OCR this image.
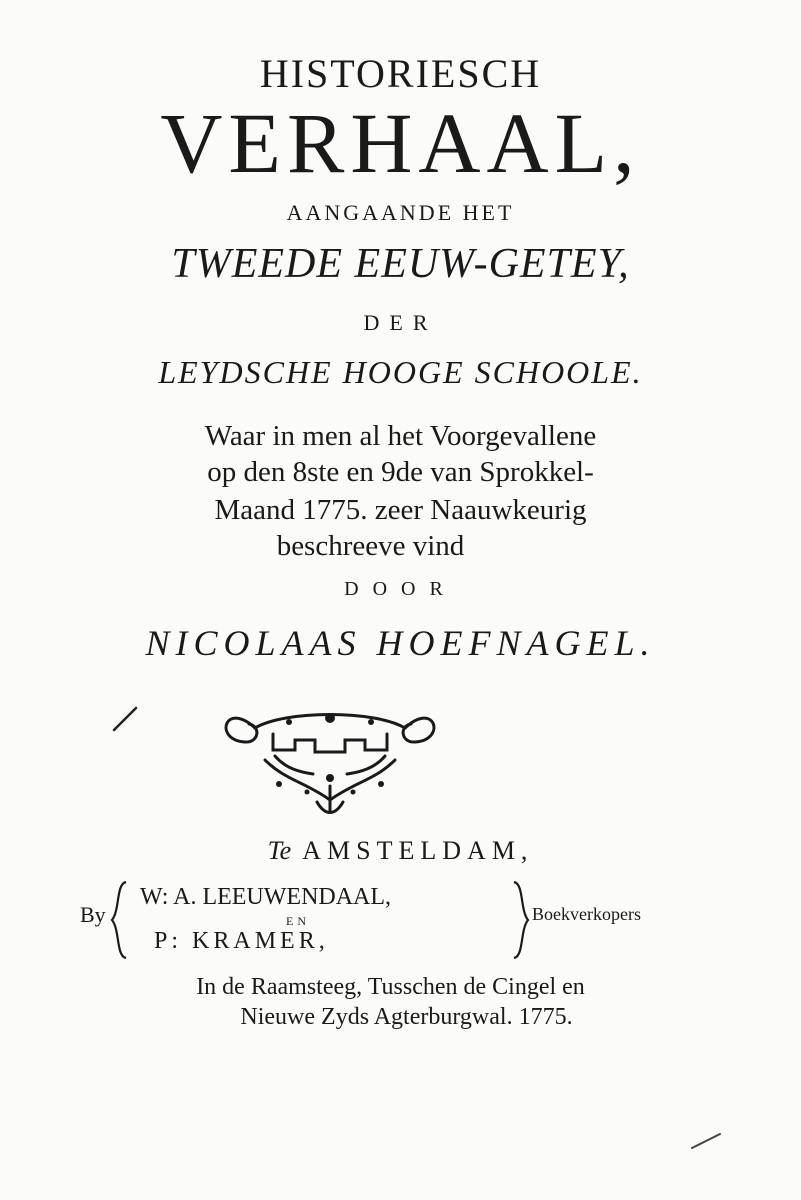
HISTORIESCH
VERHAAL,
AANGAANDE HET
TWEEDE EEUW-GETEY,
DER
LEYDSCHE HOOGE SCHOOLE.
Waar in men al het Voorgevallene
op den 8ste en 9de van Sprokkel-
Maand 1775. zeer Naauwkeurig
beschreeve vind
DOOR
NICOLAAS HOEFNAGEL.
Te AMSTELDAM,
By
W: A. LEEUWENDAAL,
EN
P: KRAMER,
Boekverkopers
In de Raamsteeg, Tusschen de Cingel en
Nieuwe Zyds Agterburgwal. 1775.
